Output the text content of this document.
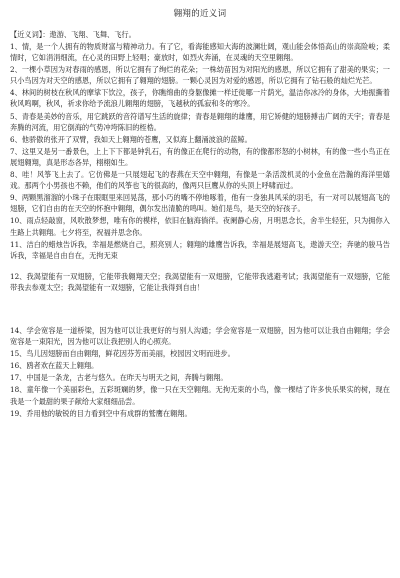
翱翔的近义词
【近义词】：遨游、飞翔、飞舞、飞行。
1、情，是一个人拥有的物质财富与精神动力。有了它，看海能感知大海的波澜壮阔，观山能会体悟高山的崇高险峻；柔情时，它如涓涓细流，在心灵的田野上轻唱；豪放时，如烈火奔涌，在灵魂的天空里翱翔。
2、一棵小草因为对春雨的感恩，所以它拥有了绚烂的花朵；一株幼苗因为对阳光的感恩，所以它拥有了甜美的果实；一只小鸟因为对天空的感恩，所以它拥有了翱翔的翅膀。一颗心灵因为对爱的感恩，所以它拥有了钻石般的灿烂光芒。
4、林间的树枝在秋风的摩挲下饮泣，孩子，你瞧绵曲的身躯像摊一样迁徙哪一片荫光，温洁你冰冷的身体，大地振撕着秋风鸣啊，秋风，祈求你给予流浪儿翱翔的翅膀，飞越秋的孤寂和冬的寒冷。
5、青春是美妙的音乐，用它跳跃的音符谱写生活的旋律；青春是翱翔的雄鹰，用它矫健的翅膀搏击广阔的天宇；青春是奔腾的河流，用它倒海的气势冲垮陈旧的桎梏。
6、他骄傲的张开了双臂，我如天上翱翔的苍鹰，又似海上翻涌波浪的蓝鲸。
7、这里又是另一番景色，上上下下都是钟乳石，有的像正在爬行的动物，有的像都形怒的小树林，有的像一些小鸟正在展翅翱翔，真是形态各异，栩栩如生。
8、哇！风筝飞上去了。它仿佛是一只展翅起飞的春燕在天空中翱翔，有像是一条活泼机灵的小金鱼在浩瀚的海洋里嬉戏。那两个小男孩也不赖，他们的风筝也飞的很高的，像两只巨鹰从你的头顶上呼啸而过。
9、两颗黑溜溜的小珠子在眼眶里来回晃荡，那小巧的嘴不停地啄着，他有一身独具风采的羽毛，有一对可以展翅高飞的翅膀，它们自由的在天空的怀抱中翱翔，偶尔发出清脆的鸣叫。她们是鸟，是天空的好孩子。
10、雨点轻敲窗，风吹散梦想，唯有你的模样，依旧在脑海徜徉。夜阑静心房，月明思念长，舍半生轻狂，只为拥你入生路上共翱翔。七夕将至，祝福并思念你。
11、洁白的蜡烛告诉我，幸福是燃烧自己，照亮别人；翱翔的雄鹰告诉我，幸福是展翅高飞，遨游天空；奔驰的骏马告诉我，幸福是自由自在，无拘无束
12、我渴望能有一双翅膀，它能带我翱翔天空；我渴望能有一双翅膀，它能带我逃避考试；我渴望能有一双翅膀，它能带我去参观太空；我渴望能有一双翅膀，它能让我得到自由！
14、学会宽容是一道桥梁，因为他可以让我更好的与别人沟通；学会宽容是一双翅膀，因为他可以让我自由翱翔；学会宽容是一束阳光，因为他可以让我把别人的心照亮。
15、鸟儿因翅膀而自由翱翔，鲜花因芬芳而美丽，校园因文明而进步。
16、鸥者欢在蓝天上翱翔。
17、中国是一条龙，古老与悠久。在昨天与明天之间，奔腾与翱翔。
18、童年像一个美丽彩色，五彩斑斓的梦，像一只在天空翱翔。无拘无束的小鸟，像一棵结了许多快乐果实的树，现在我是一个最甜的果子献给大家细细品尝。
19、乔用他的敏锐的目力看到空中有成群的鹫鹰在翱翔。
